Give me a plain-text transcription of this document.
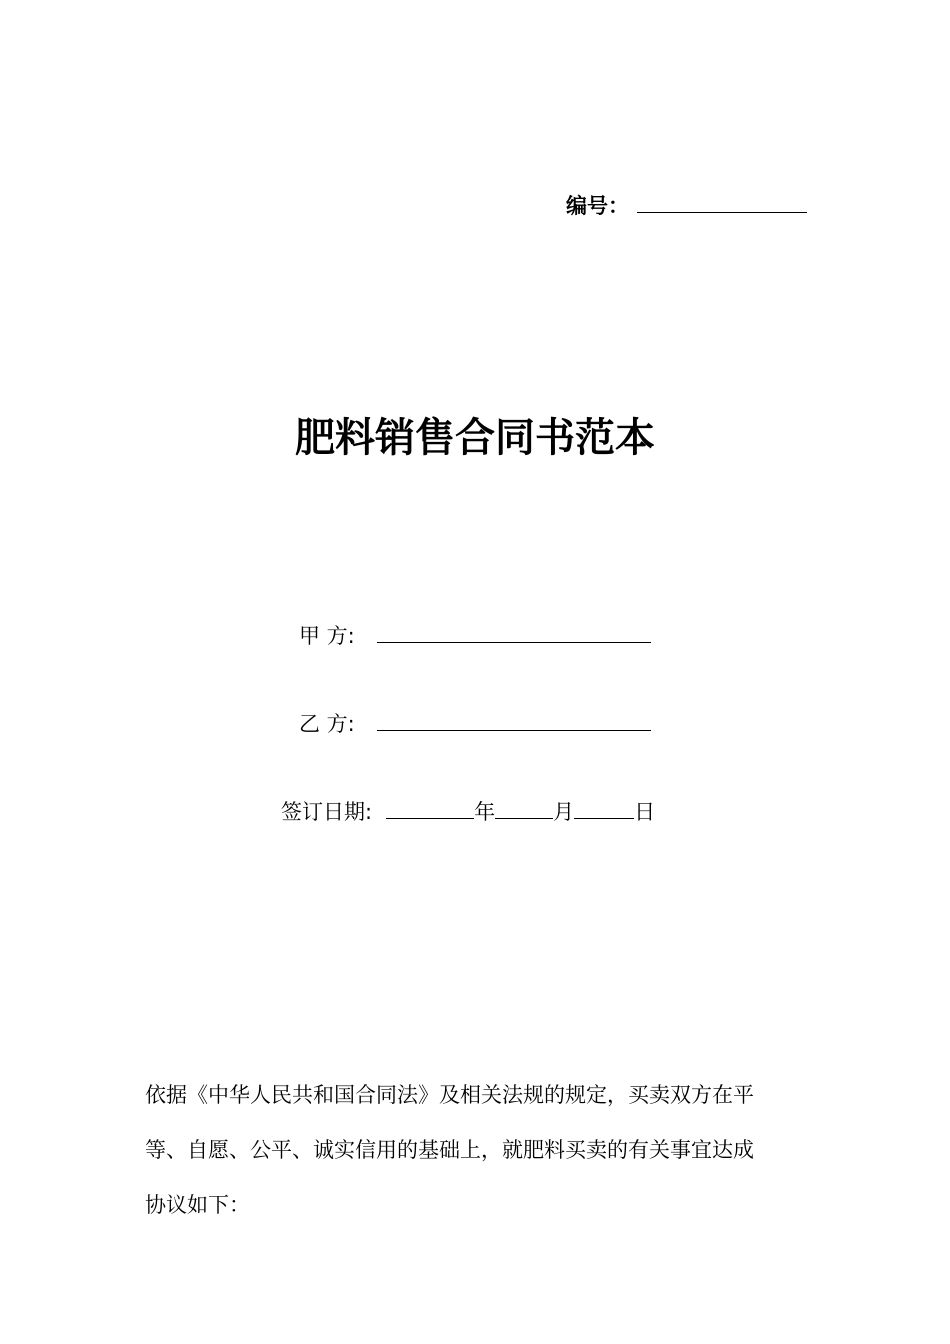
编号：
肥料销售合同书范本
甲 方:
乙 方:
签订日期:	年	月	日
依据《中华人民共和国合同法》及相关法规的规定，买卖双方在平
等、自愿、公平、诚实信用的基础上，就肥料买卖的有关事宜达成
协议如下：
